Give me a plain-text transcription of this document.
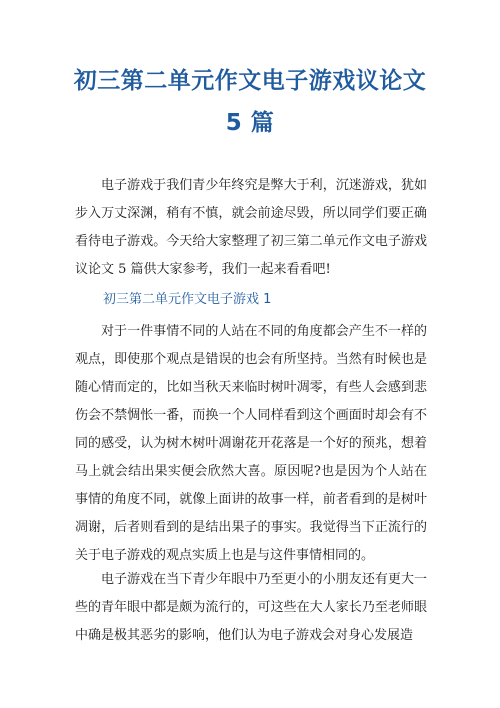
初三第二单元作文电子游戏议论文
5 篇

电子游戏于我们青少年终究是弊大于利，沉迷游戏，犹如步入万丈深渊，稍有不慎，就会前途尽毁，所以同学们要正确看待电子游戏。今天给大家整理了初三第二单元作文电子游戏议论文 5 篇供大家参考，我们一起来看看吧!

初三第二单元作文电子游戏 1

对于一件事情不同的人站在不同的角度都会产生不一样的观点，即使那个观点是错误的也会有所坚持。当然有时候也是随心情而定的，比如当秋天来临时树叶凋零，有些人会感到悲伤会不禁惆怅一番，而换一个人同样看到这个画面时却会有不同的感受，认为树木树叶凋谢花开花落是一个好的预兆，想着马上就会结出果实便会欣然大喜。原因呢?也是因为个人站在事情的角度不同，就像上面讲的故事一样，前者看到的是树叶凋谢，后者则看到的是结出果子的事实。我觉得当下正流行的关于电子游戏的观点实质上也是与这件事情相同的。

电子游戏在当下青少年眼中乃至更小的小朋友还有更大一些的青年眼中都是颇为流行的，可这些在大人家长乃至老师眼中确是极其恶劣的影响，他们认为电子游戏会对身心发展造
